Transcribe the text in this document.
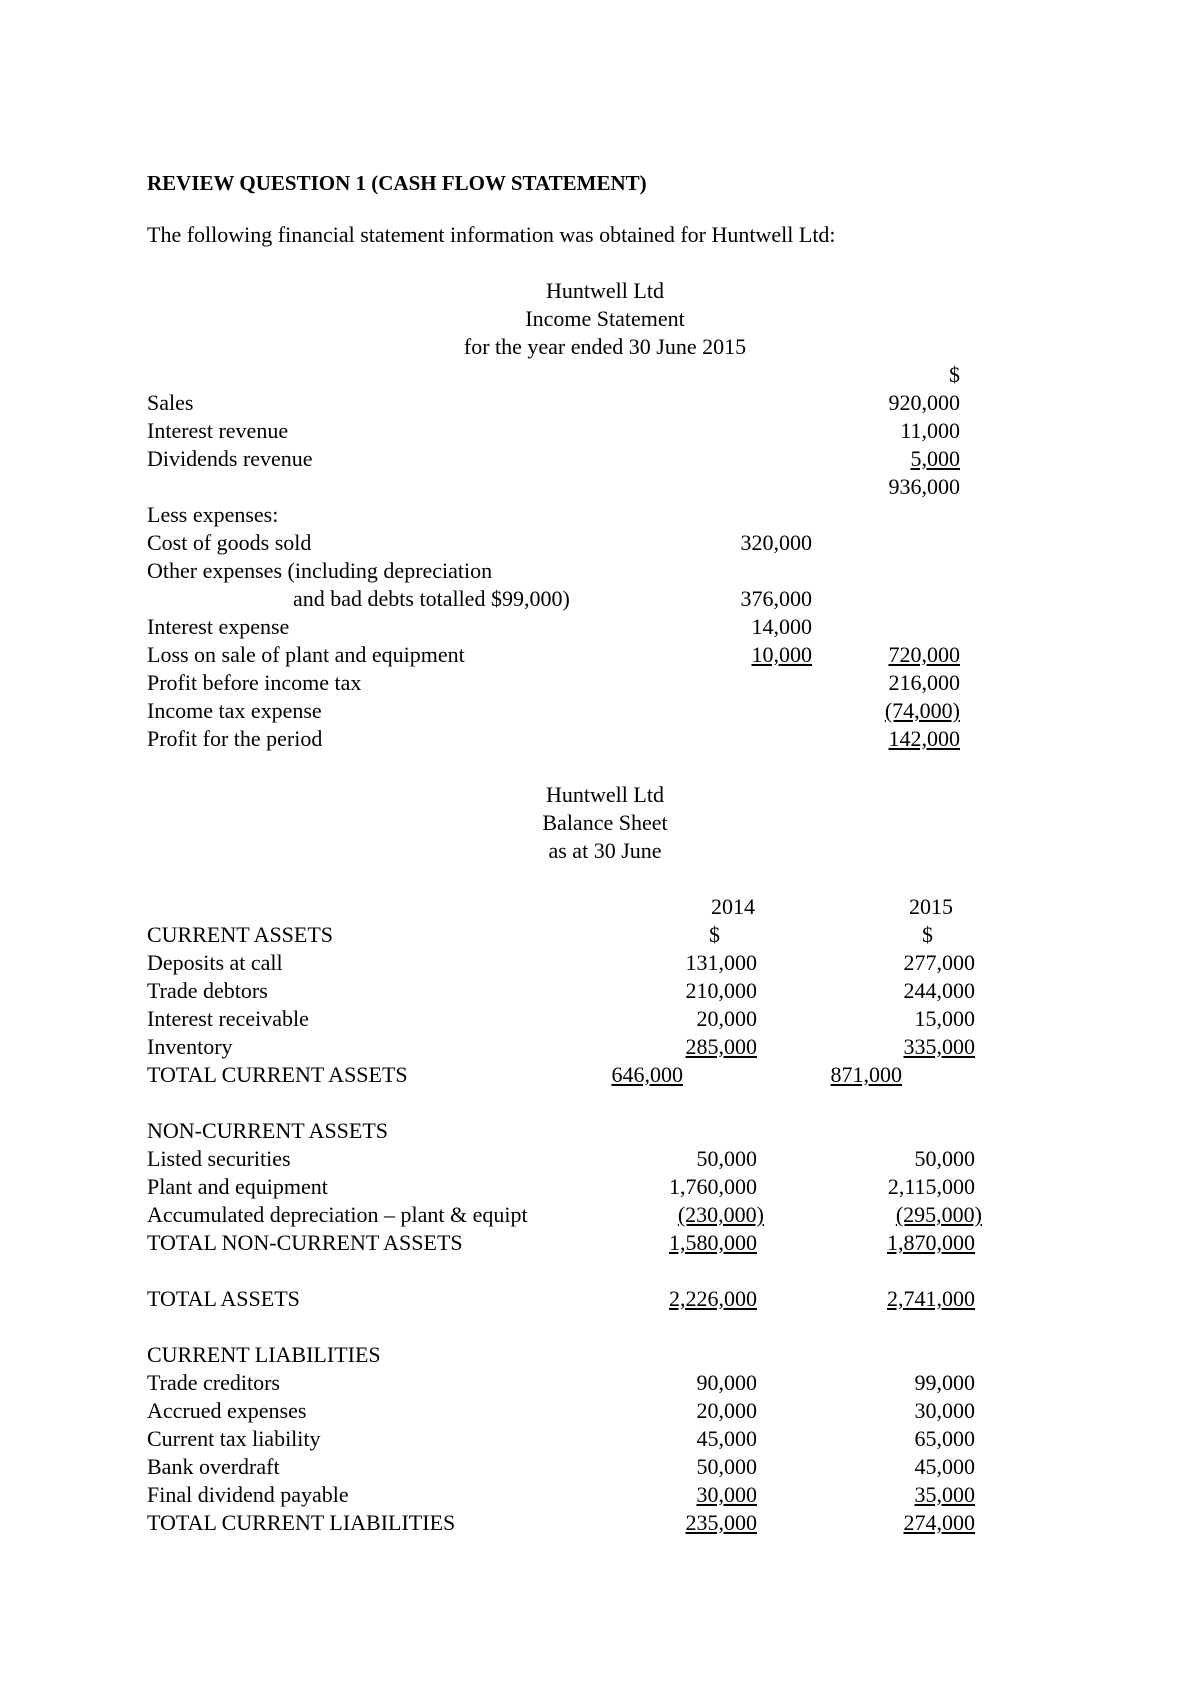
REVIEW QUESTION 1 (CASH FLOW STATEMENT)
The following financial statement information was obtained for Huntwell Ltd:
Huntwell Ltd
Income Statement
for the year ended 30 June 2015
$
Sales	920,000
Interest revenue	11,000
Dividends revenue	5,000
936,000
Less expenses:
Cost of goods sold	320,000
Other expenses (including depreciation
and bad debts totalled $99,000)	376,000
Interest expense	14,000
Loss on sale of plant and equipment	10,000	720,000
Profit before income tax	216,000
Income tax expense	(74,000)
Profit for the period	142,000
Huntwell Ltd
Balance Sheet
as at 30 June
2014	2015
CURRENT ASSETS	$	$
Deposits at call	131,000	277,000
Trade debtors	210,000	244,000
Interest receivable	20,000	15,000
Inventory	285,000	335,000
TOTAL CURRENT ASSETS	646,000	871,000
NON-CURRENT ASSETS
Listed securities	50,000	50,000
Plant and equipment	1,760,000	2,115,000
Accumulated depreciation – plant & equipt	(230,000)	(295,000)
TOTAL NON-CURRENT ASSETS	1,580,000	1,870,000
TOTAL ASSETS	2,226,000	2,741,000
CURRENT LIABILITIES
Trade creditors	90,000	99,000
Accrued expenses	20,000	30,000
Current tax liability	45,000	65,000
Bank overdraft	50,000	45,000
Final dividend payable	30,000	35,000
TOTAL CURRENT LIABILITIES	235,000	274,000
